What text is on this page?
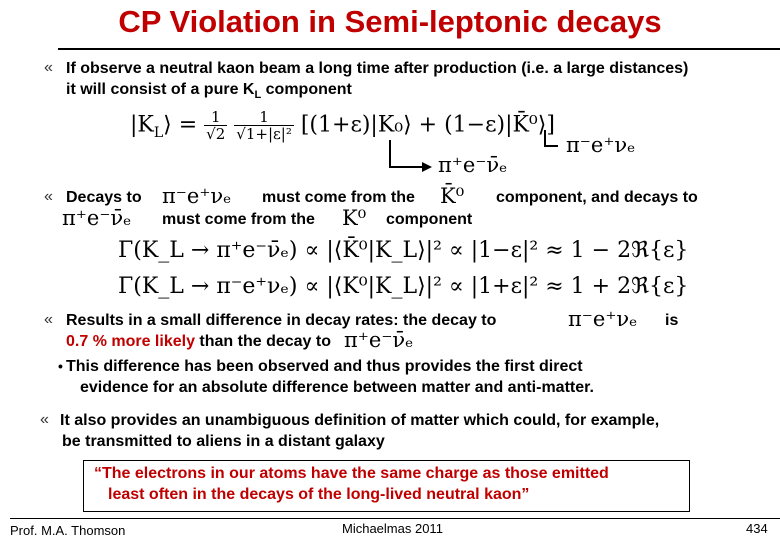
CP Violation in Semi-leptonic decays
« If observe a neutral kaon beam a long time after production (i.e. a large distances)
it will consist of a pure $K_L$ component
$|K_L⟩ = \frac{1}{√2}$
$\frac{1}{\text{√1+|ε|²}}$ [(1+ε)|K₀⟩ + (1−ε)|K̄⁰⟩]
π⁻e⁺νₑ
π⁺e⁻ν̄ₑ
« Decays to π⁻e⁺νₑ must come from the K̄⁰ component, and decays to
π⁺e⁻ν̄ₑ must come from the K⁰ component
Γ(K_L → π⁺e⁻ν̄ₑ) ∝ |⟨K̄⁰|K_L⟩|² ∝ |1−ε|² ≈ 1 − 2ℜ{ε}
Γ(K_L → π⁻e⁺νₑ) ∝ |⟨K⁰|K_L⟩|² ∝ |1+ε|² ≈ 1 + 2ℜ{ε}
« Results in a small difference in decay rates: the decay to	π⁻e⁺νₑ is
0.7 % more likely than the decay to π⁺e⁻ν̄ₑ
• This difference has been observed and thus provides the first direct
evidence for an absolute difference between matter and anti-matter.
« It also provides an unambiguous definition of matter which could, for example,
be transmitted to aliens in a distant galaxy
“The electrons in our atoms have the same charge as those emitted
least often in the decays of the long-lived neutral kaon”
Prof. M.A. Thomson	Michaelmas 2011	434
